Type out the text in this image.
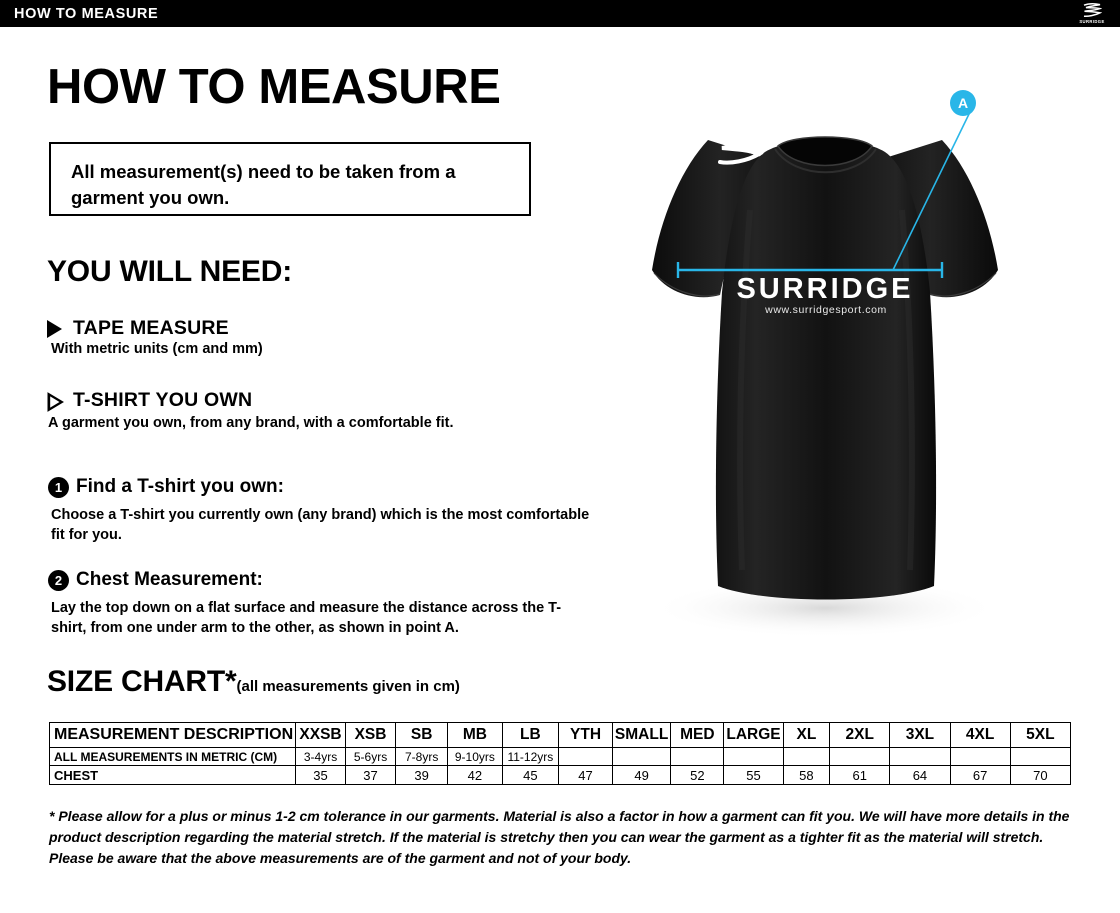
HOW TO MEASURE	SURRIDGE
HOW TO MEASURE
All measurement(s) need to be taken from a garment you own.
YOU WILL NEED:
TAPE MEASURE
With metric units (cm and mm)
T-SHIRT YOU OWN
A garment you own, from any brand, with a comfortable fit.
1 Find a T-shirt you own:
Choose a T-shirt you currently own (any brand) which is the most comfortable fit for you.
2 Chest Measurement:
Lay the top down on a flat surface and measure the distance across the T-shirt, from one under arm to the other, as shown in point A.
SURRIDGE
www.surridgesport.com
A
SIZE CHART*(all measurements given in cm)
MEASUREMENT DESCRIPTION	XXSB	XSB	SB	MB	LB	YTH	SMALL	MED	LARGE	XL	2XL	3XL	4XL	5XL
ALL MEASUREMENTS IN METRIC (CM)	3-4yrs	5-6yrs	7-8yrs	9-10yrs	11-12yrs									
CHEST	35	37	39	42	45	47	49	52	55	58	61	64	67	70
* Please allow for a plus or minus 1-2 cm tolerance in our garments. Material is also a factor in how a garment can fit you. We will have more details in the product description regarding the material stretch. If the material is stretchy then you can wear the garment as a tighter fit as the material will stretch. Please be aware that the above measurements are of the garment and not of your body.
